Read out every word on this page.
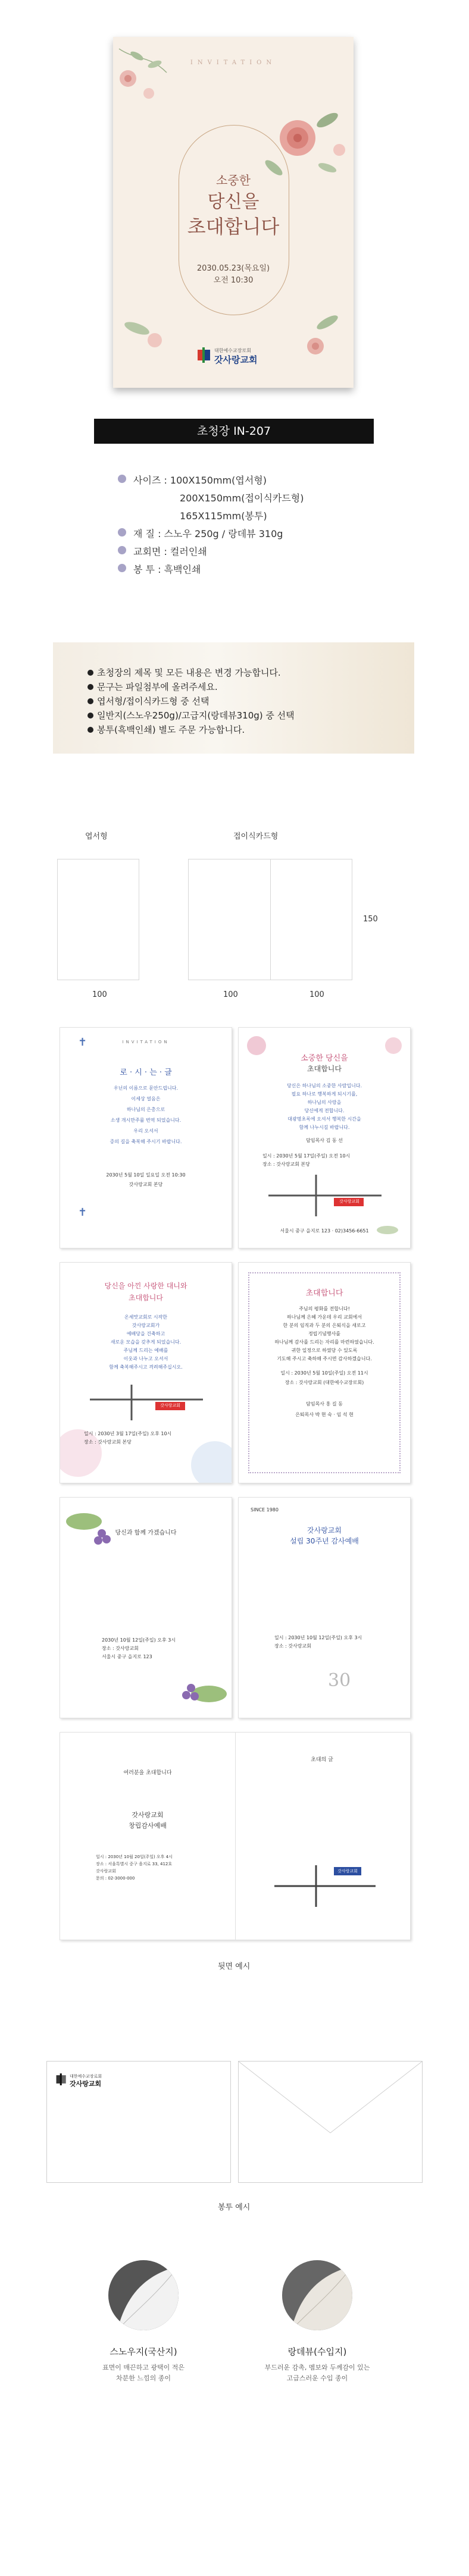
INVITATION
소중한
당신을
초대합니다
2030.05.23(목요일)
오전 10:30
대한예수교장로회
갓사랑교회
초청장 IN-207
사이즈 : 100X150mm(엽서형)
200X150mm(접이식카드형)
165X115mm(봉투)
재 질 : 스노우 250g / 랑데뷰 310g
교회면 : 컬러인쇄
봉 투 : 흑백인쇄
초청장의 제목 및 모든 내용은 변경 가능합니다.
문구는 파일첨부에 올려주세요.
엽서형/접이식카드형 중 선택
일반지(스노우250g)/고급지(랑데뷰310g) 중 선택
봉투(흑백인쇄) 별도 주문 가능합니다.
엽서형	접이식카드형
100	100	100
150
INVITATION
✝
로 · 시 · 는 · 글
우닌의 이름으로 문안드립니다.
이세상 얼음은
하나님의 은총으로
소생 개시만주룰 번역 되었습니다.
우리 오셔서
증의 길을 축복해 주시기 바랍니다.
2030년 5월 10일 일요일 오전 10:30
갓사랑교회 본당
✝
소중한 당신을
초대합니다
당신은 하나님의 소중한 사람입니다.
필요 하나로 행복하게 되시기를,
하나님의 사랑을
당신에게 전합니다.
대광명초록에 오셔서 행복한 시간을
함께 나누시길 바랍니다.
담임목사 김 동 선
일시 : 2030년 5월 17일(주일) 오전 10시
장소 : 갓사랑교회 본당
갓사랑교회
서울시 중구 을지로 123 · 02)3456-6651
당신을 아낀 사랑한 대니와
초대합니다
온세맛교회로 시작한
갓사랑교회가
예배당을 건축하고
새로운 모습을 갖추게 되었습니다.
주님께 드리는 예배를
이웃과 나누고 오셔서
함께 축복해주시고 격려해주십시오.
갓사랑교회
일시 : 2030년 3월 17일(주일) 오후 10시
장소 : 갓사랑교회 본당
초대합니다
주님의 평화를 전합니다!
하나님께 은혜 가운데 우리 교회에서
한 분의 임직과 두 분의 은퇴식을 새로고
정립기념행사를
하나님께 감사를 드리는 자리를 마련하였습니다.
귀한 일정으로 하였당 수 있도록
기도해 주시고 축하해 주시면 감사하겠습니다.
일시 : 2030년 5월 10일(주일) 오전 11시
장소 : 갓사랑교회 (대한예수교장로회)
담임목사 홍 길 동
은퇴목사 박 현 숙 · 임 석 현
당신과 함께 가겠습니다
2030년 10월 12일(주일) 오후 3시
장소 : 갓사랑교회
서울시 중구 을지로 123
SINCE 1980
갓사랑교회
설립 30주년 감사예배
일시 : 2030년 10월 12일(주일) 오후 3시
장소 : 갓사랑교회
30
여러분을 초대합니다
갓사랑교회
창립감사예배
일시 : 2030년 10월 20일(주일) 오후 4시
장소 : 서울특별시 중구 을지로 33, 412호
갓사랑교회
문의 : 02-3000-000
초대의 글
갓사랑교회
뒷면 예시
대한예수교장로회
갓사랑교회
봉투 예시
스노우지(국산지)	랑데뷰(수입지)
표면이 매끈하고 광택이 적은
차분한 느낌의 종이
부드러운 감촉, 멤보와 두께감이 있는
고급스러운 수입 종이
